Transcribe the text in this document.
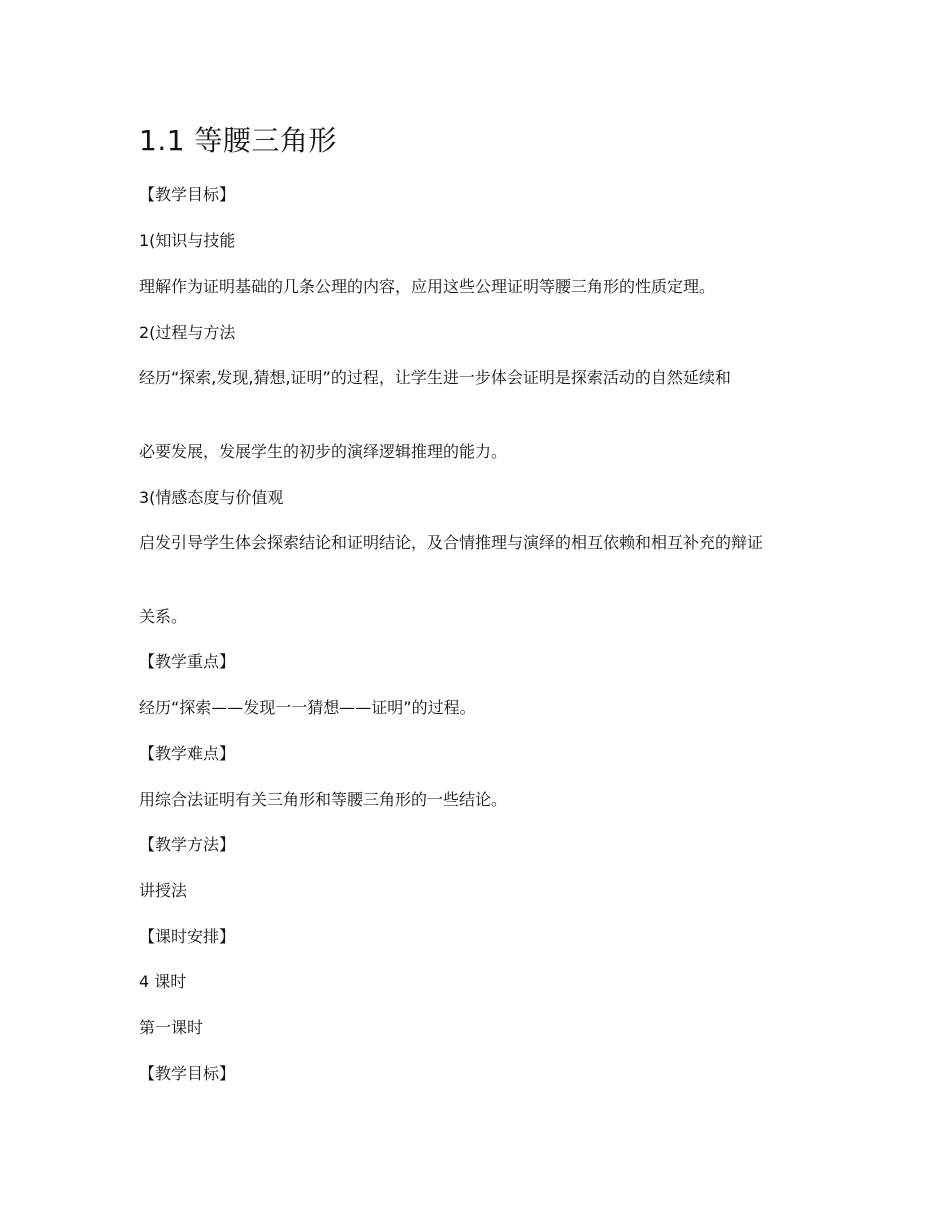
1.1 等腰三角形
【教学目标】
1(知识与技能
理解作为证明基础的几条公理的内容，应用这些公理证明等腰三角形的性质定理。
2(过程与方法
经历“探索,发现,猜想,证明”的过程，让学生进一步体会证明是探索活动的自然延续和
必要发展，发展学生的初步的演绎逻辑推理的能力。
3(情感态度与价值观
启发引导学生体会探索结论和证明结论，及合情推理与演绎的相互依赖和相互补充的辩证
关系。
【教学重点】
经历“探索——发现一一猜想——证明”的过程。
【教学难点】
用综合法证明有关三角形和等腰三角形的一些结论。
【教学方法】
讲授法
【课时安排】
4 课时
第一课时
【教学目标】
